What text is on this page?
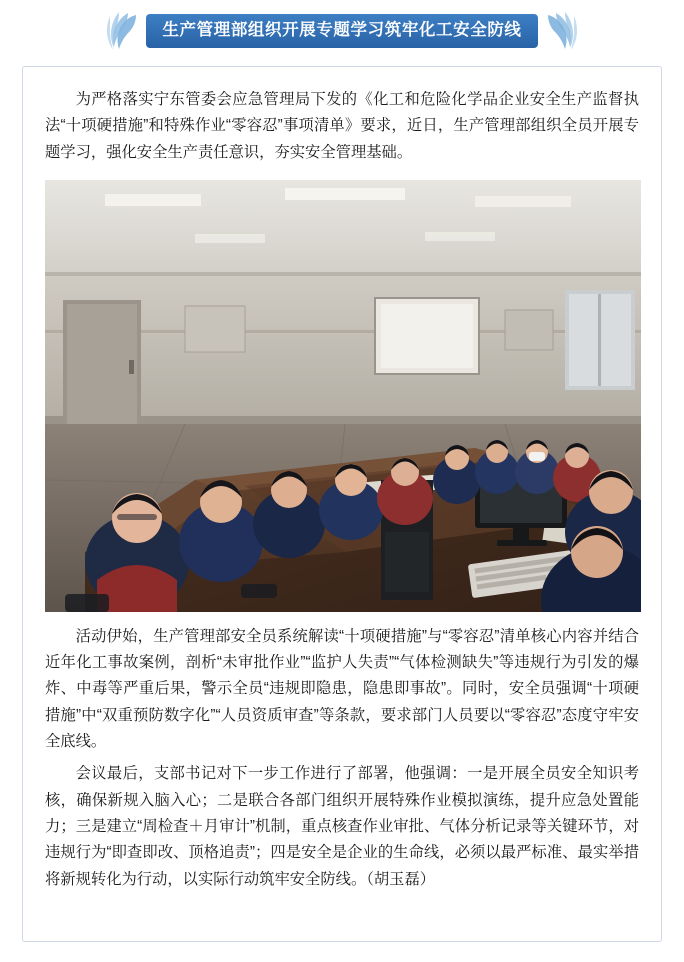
生产管理部组织开展专题学习筑牢化工安全防线

为严格落实宁东管委会应急管理局下发的《化工和危险化学品企业安全生产监督执法“十项硬措施”和特殊作业“零容忍”事项清单》要求，近日，生产管理部组织全员开展专题学习，强化安全生产责任意识，夯实安全管理基础。

活动伊始，生产管理部安全员系统解读“十项硬措施”与“零容忍”清单核心内容并结合近年化工事故案例，剖析“未审批作业”“监护人失责”“气体检测缺失”等违规行为引发的爆炸、中毒等严重后果，警示全员“违规即隐患，隐患即事故”。同时，安全员强调“十项硬措施”中“双重预防数字化”“人员资质审查”等条款，要求部门人员要以“零容忍”态度守牢安全底线。

会议最后，支部书记对下一步工作进行了部署，他强调：一是开展全员安全知识考核，确保新规入脑入心；二是联合各部门组织开展特殊作业模拟演练，提升应急处置能力；三是建立“周检查＋月审计”机制，重点核查作业审批、气体分析记录等关键环节，对违规行为“即查即改、顶格追责”；四是安全是企业的生命线，必须以最严标准、最实举措将新规转化为行动，以实际行动筑牢安全防线。（胡玉磊）
